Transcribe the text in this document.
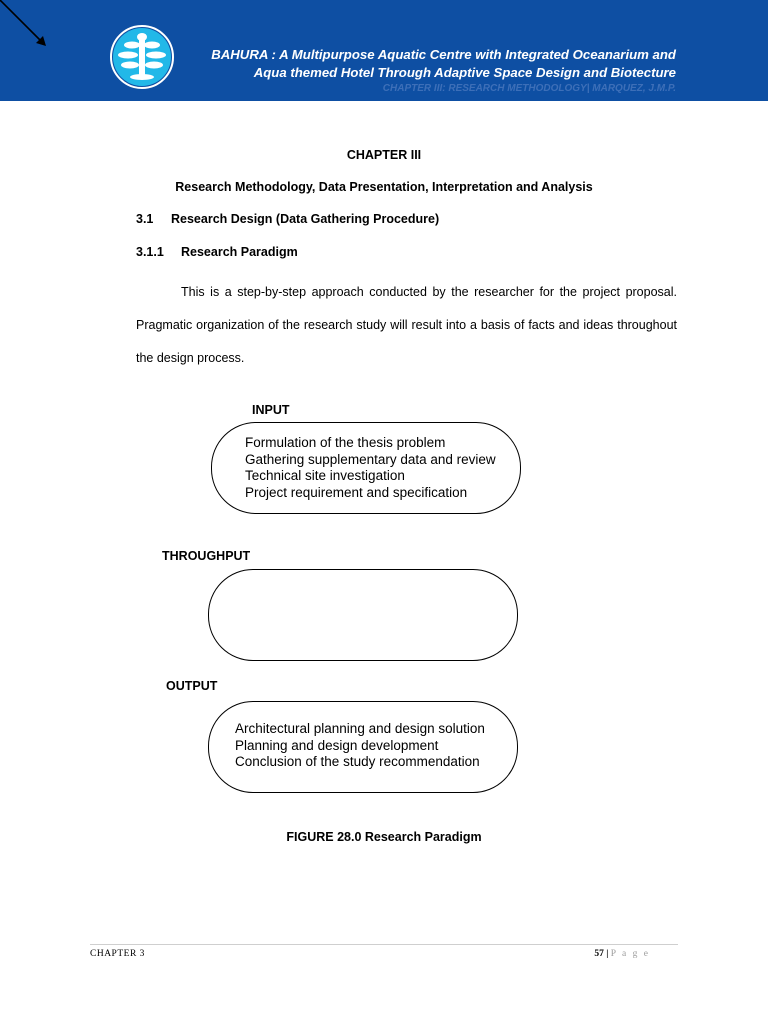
BAHURA : A Multipurpose Aquatic Centre with Integrated Oceanarium and
Aqua themed Hotel Through Adaptive Space Design and Biotecture
CHAPTER III: RESEARCH METHODOLOGY| MARQUEZ, J.M.P.
CHAPTER III
Research Methodology, Data Presentation, Interpretation and Analysis
3.1 Research Design (Data Gathering Procedure)
3.1.1 Research Paradigm
This is a step-by-step approach conducted by the researcher for the project proposal. Pragmatic organization of the research study will result into a basis of facts and ideas throughout the design process.
INPUT
Formulation of the thesis problem
Gathering supplementary data and review
Technical site investigation
Project requirement and specification
THROUGHPUT
OUTPUT
Architectural planning and design solution
Planning and design development
Conclusion of the study recommendation
FIGURE 28.0 Research Paradigm
CHAPTER 3	57 | P a g e
